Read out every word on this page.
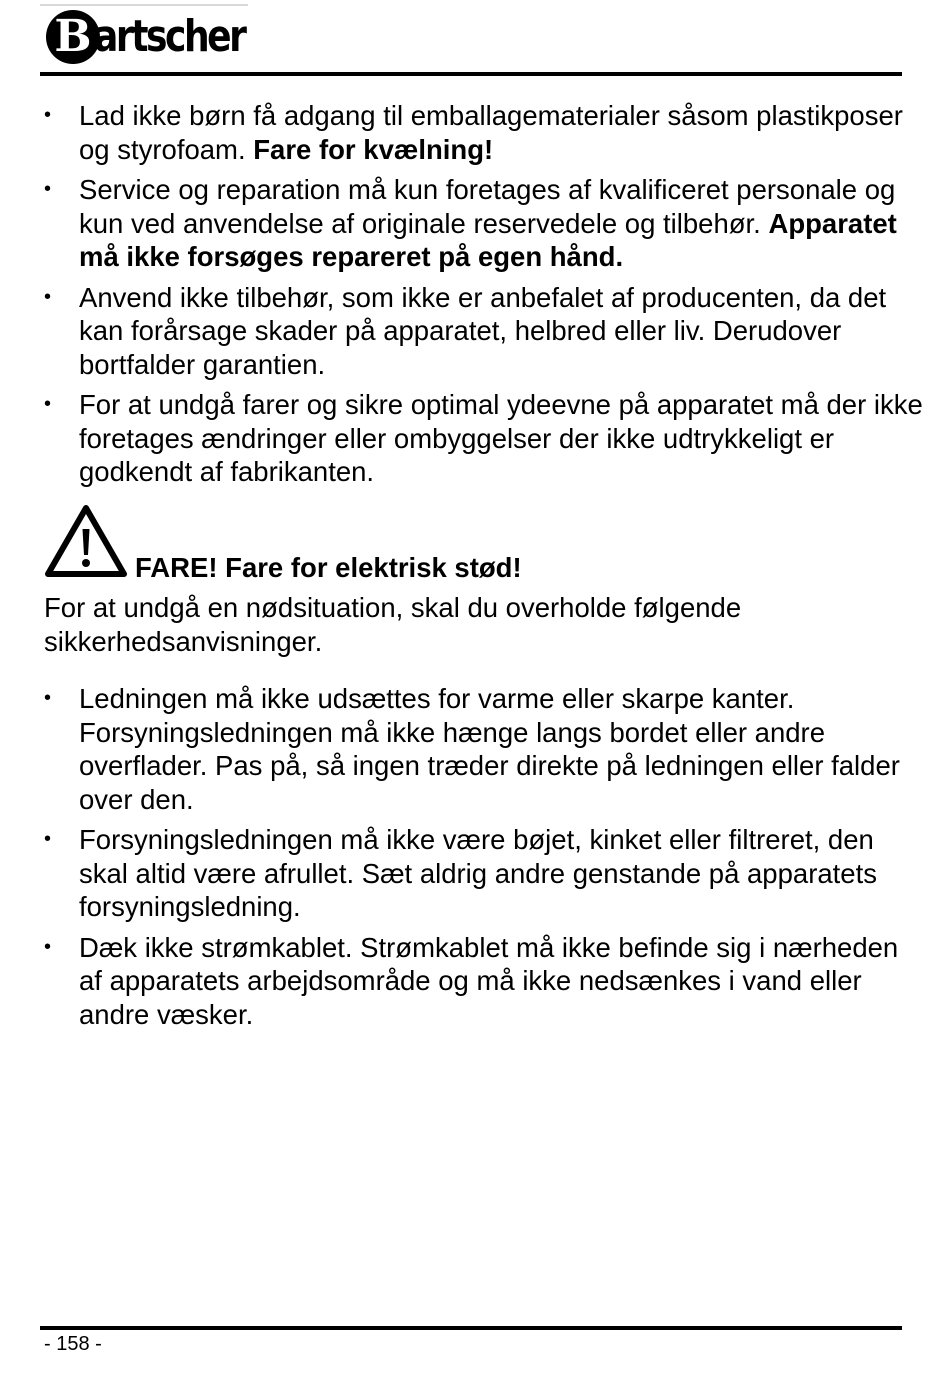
B artscher
• Lad ikke børn få adgang til emballagematerialer såsom plastikposer og styrofoam. Fare for kvælning!
• Service og reparation må kun foretages af kvalificeret personale og kun ved anvendelse af originale reservedele og tilbehør. Apparatet må ikke forsøges repareret på egen hånd.
• Anvend ikke tilbehør, som ikke er anbefalet af producenten, da det kan forårsage skader på apparatet, helbred eller liv. Derudover bortfalder garantien.
• For at undgå farer og sikre optimal ydeevne på apparatet må der ikke foretages ændringer eller ombyggelser der ikke udtrykkeligt er godkendt af fabrikanten.
FARE! Fare for elektrisk stød!
For at undgå en nødsituation, skal du overholde følgende sikkerhedsanvisninger.
• Ledningen må ikke udsættes for varme eller skarpe kanter. Forsyningsledningen må ikke hænge langs bordet eller andre overflader. Pas på, så ingen træder direkte på ledningen eller falder over den.
• Forsyningsledningen må ikke være bøjet, kinket eller filtreret, den skal altid være afrullet. Sæt aldrig andre genstande på apparatets forsyningsledning.
• Dæk ikke strømkablet. Strømkablet må ikke befinde sig i nærheden af apparatets arbejdsområde og må ikke nedsænkes i vand eller andre væsker.
- 158 -
